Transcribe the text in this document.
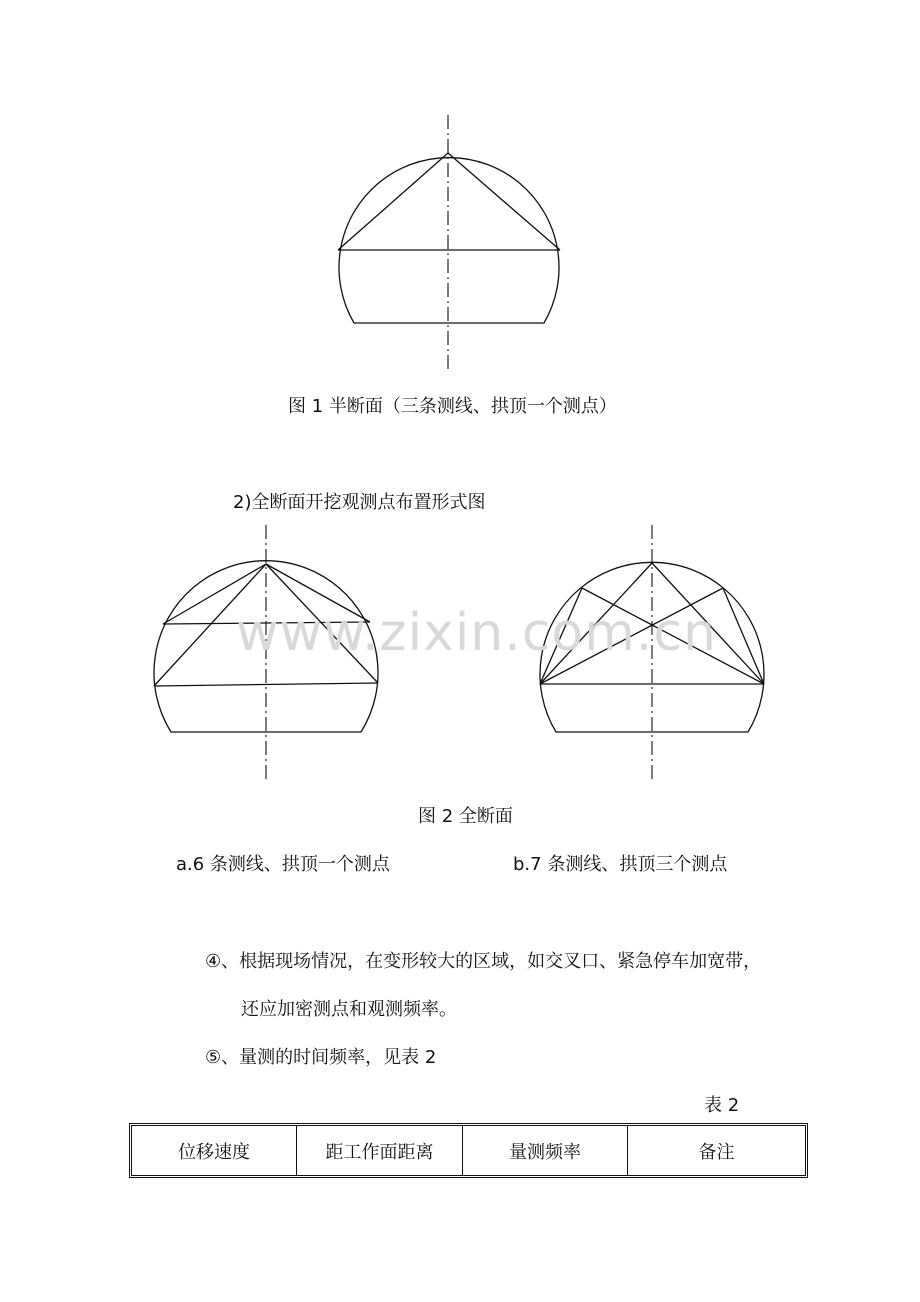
图 1 半断面（三条测线、拱顶一个测点）
2)全断面开挖观测点布置形式图
www.zixin.com.cn
图 2 全断面
a.6 条测线、拱顶一个测点	b.7 条测线、拱顶三个测点
④、根据现场情况，在变形较大的区域，如交叉口、紧急停车加宽带，
还应加密测点和观测频率。
⑤、量测的时间频率，见表 2
表 2
位移速度	距工作面距离	量测频率	备注
